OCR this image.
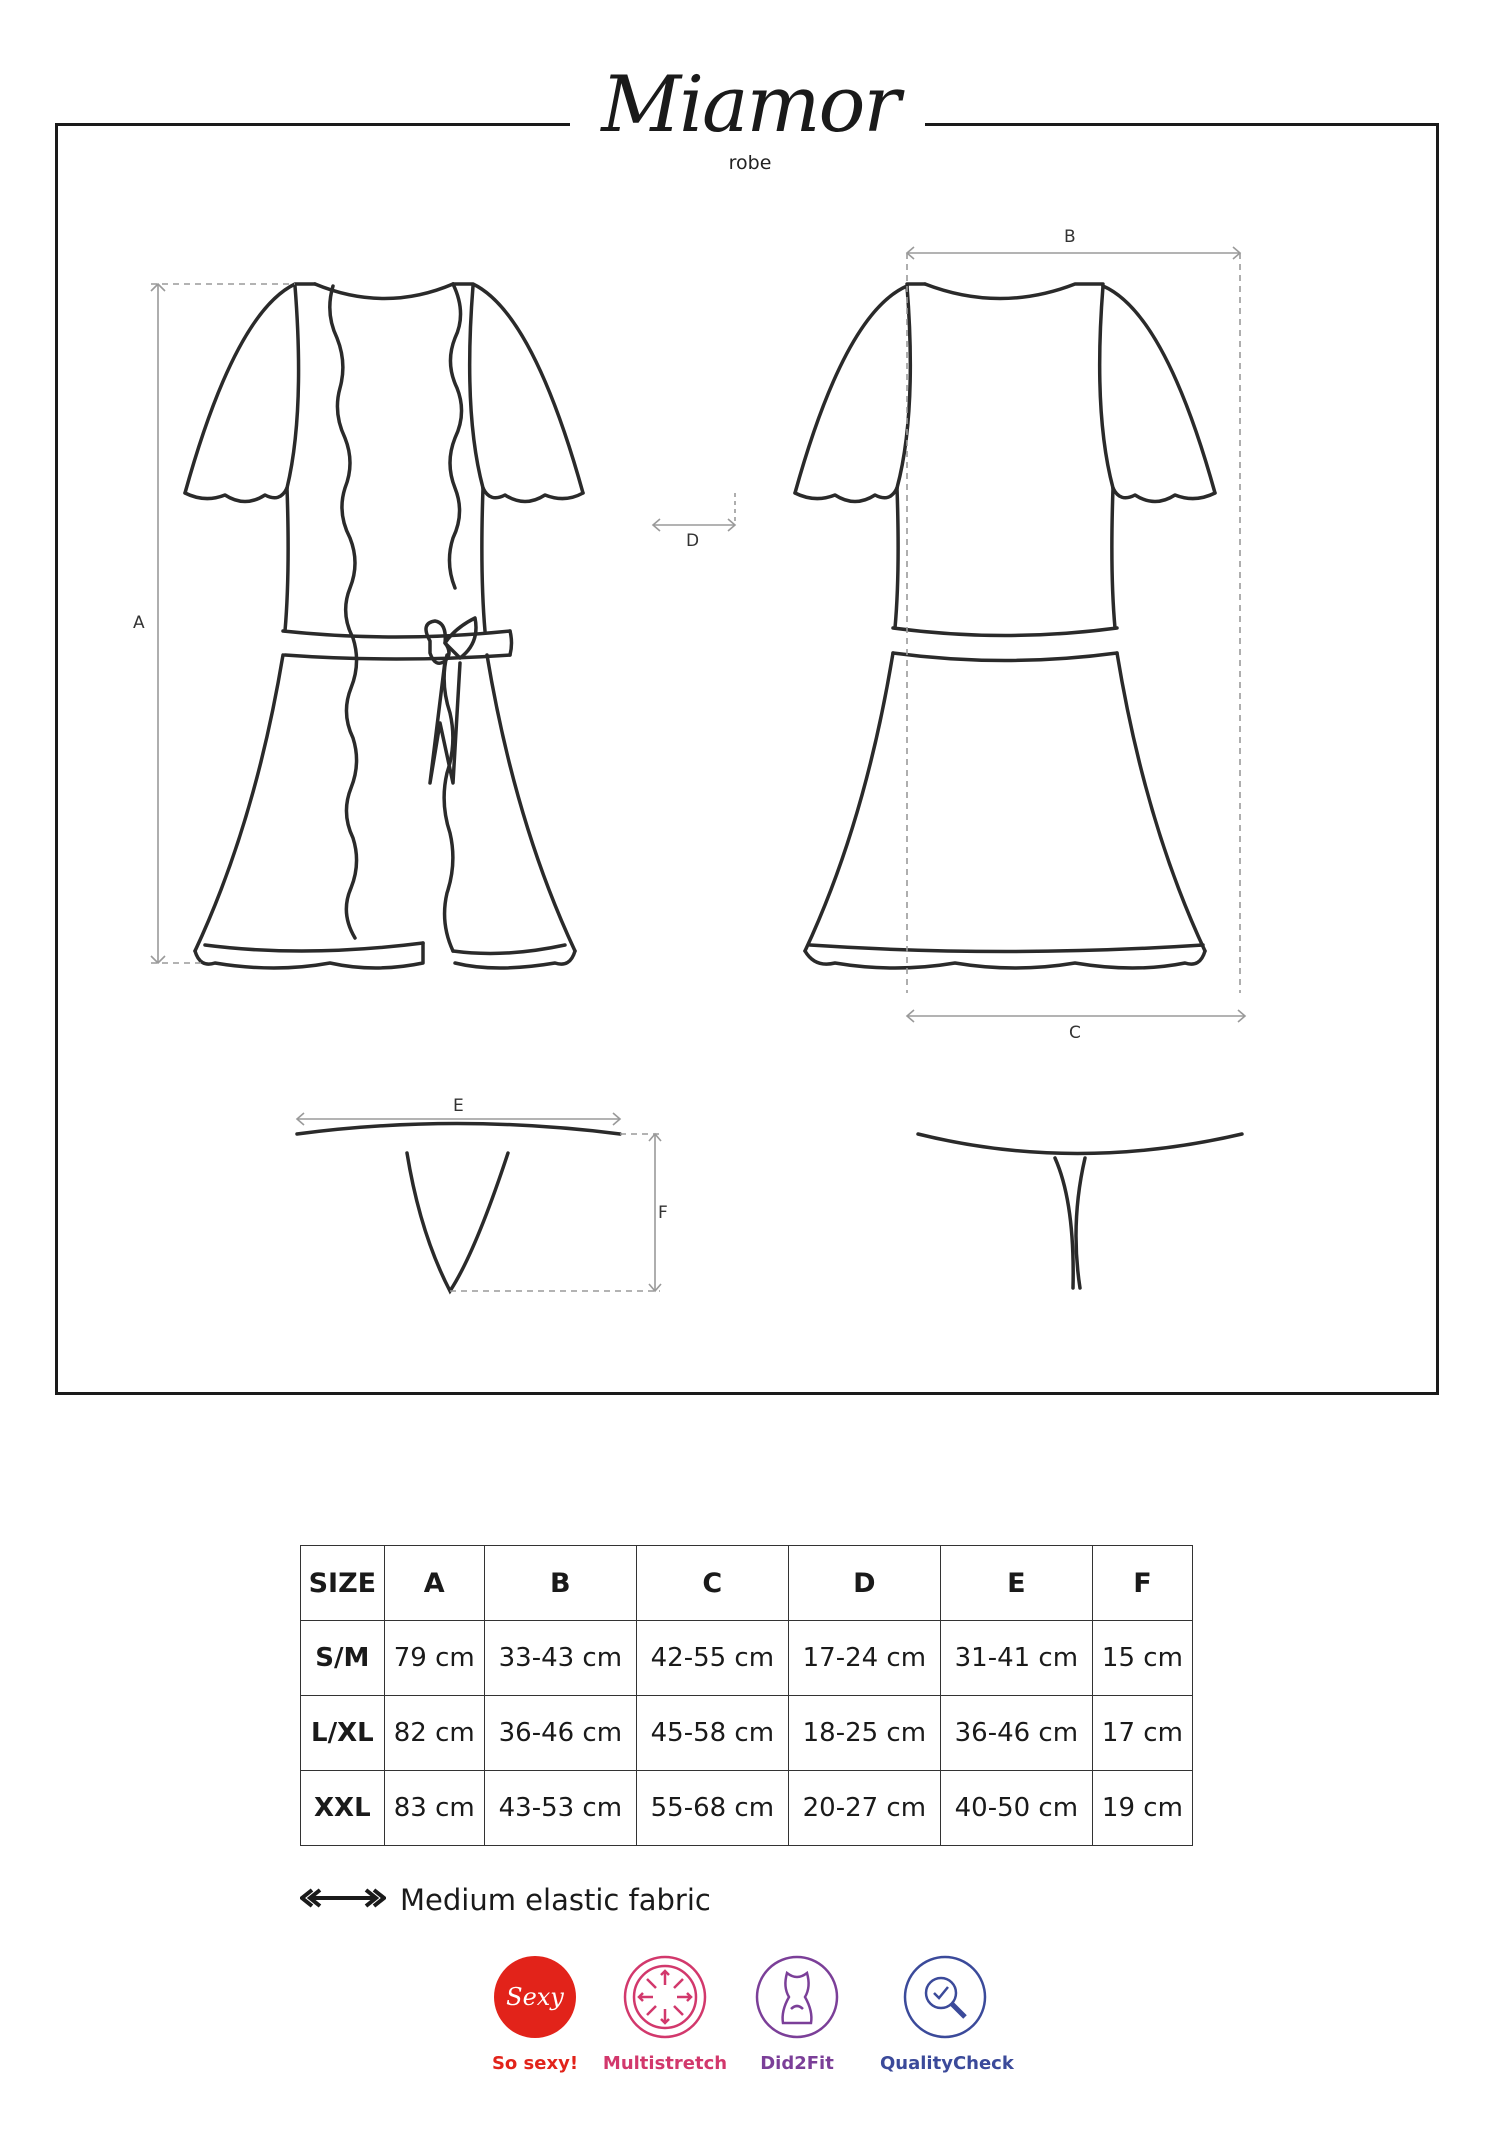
A
B
C
D
E
F
Miamor
robe
SIZE	A	B	C	D	E	F
S/M	79 cm	33-43 cm	42-55 cm	17-24 cm	31-41 cm	15 cm
L/XL	82 cm	36-46 cm	45-58 cm	18-25 cm	36-46 cm	17 cm
XXL	83 cm	43-53 cm	55-68 cm	20-27 cm	40-50 cm	19 cm
Medium elastic fabric
Sexy
So sexy!	Multistretch	Did2Fit	QualityCheck
